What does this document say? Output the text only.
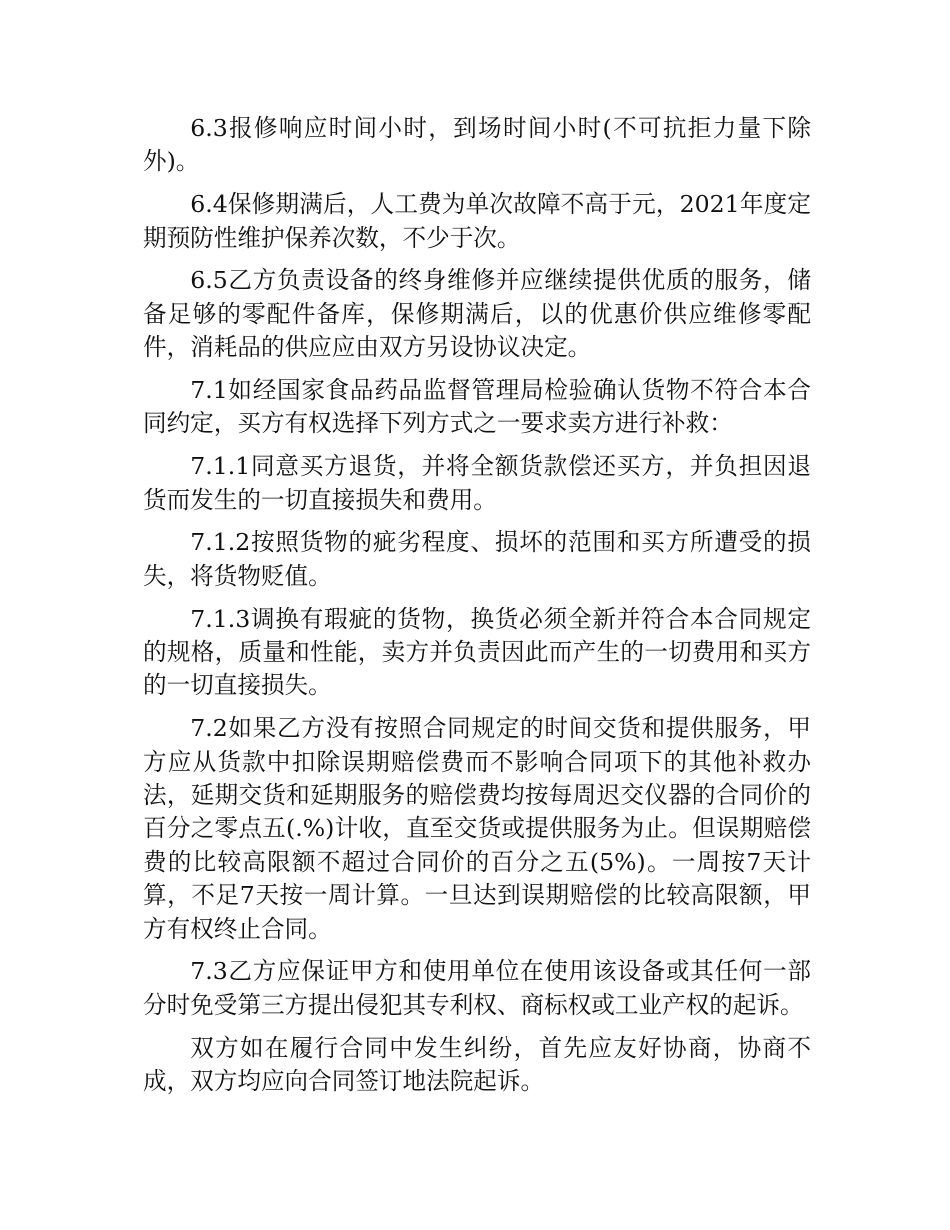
6.3报修响应时间小时，到场时间小时(不可抗拒力量下除外)。

6.4保修期满后，人工费为单次故障不高于元，2021年度定期预防性维护保养次数，不少于次。

6.5乙方负责设备的终身维修并应继续提供优质的服务，储备足够的零配件备库，保修期满后，以的优惠价供应维修零配件，消耗品的供应应由双方另设协议决定。

7.1如经国家食品药品监督管理局检验确认货物不符合本合同约定，买方有权选择下列方式之一要求卖方进行补救：

7.1.1同意买方退货，并将全额货款偿还买方，并负担因退货而发生的一切直接损失和费用。

7.1.2按照货物的疵劣程度、损坏的范围和买方所遭受的损失，将货物贬值。

7.1.3调换有瑕疵的货物，换货必须全新并符合本合同规定的规格，质量和性能，卖方并负责因此而产生的一切费用和买方的一切直接损失。

7.2如果乙方没有按照合同规定的时间交货和提供服务，甲方应从货款中扣除误期赔偿费而不影响合同项下的其他补救办法，延期交货和延期服务的赔偿费均按每周迟交仪器的合同价的百分之零点五(.%)计收，直至交货或提供服务为止。但误期赔偿费的比较高限额不超过合同价的百分之五(5%)。一周按7天计算，不足7天按一周计算。一旦达到误期赔偿的比较高限额，甲方有权终止合同。

7.3乙方应保证甲方和使用单位在使用该设备或其任何一部分时免受第三方提出侵犯其专利权、商标权或工业产权的起诉。

双方如在履行合同中发生纠纷，首先应友好协商，协商不成，双方均应向合同签订地法院起诉。
